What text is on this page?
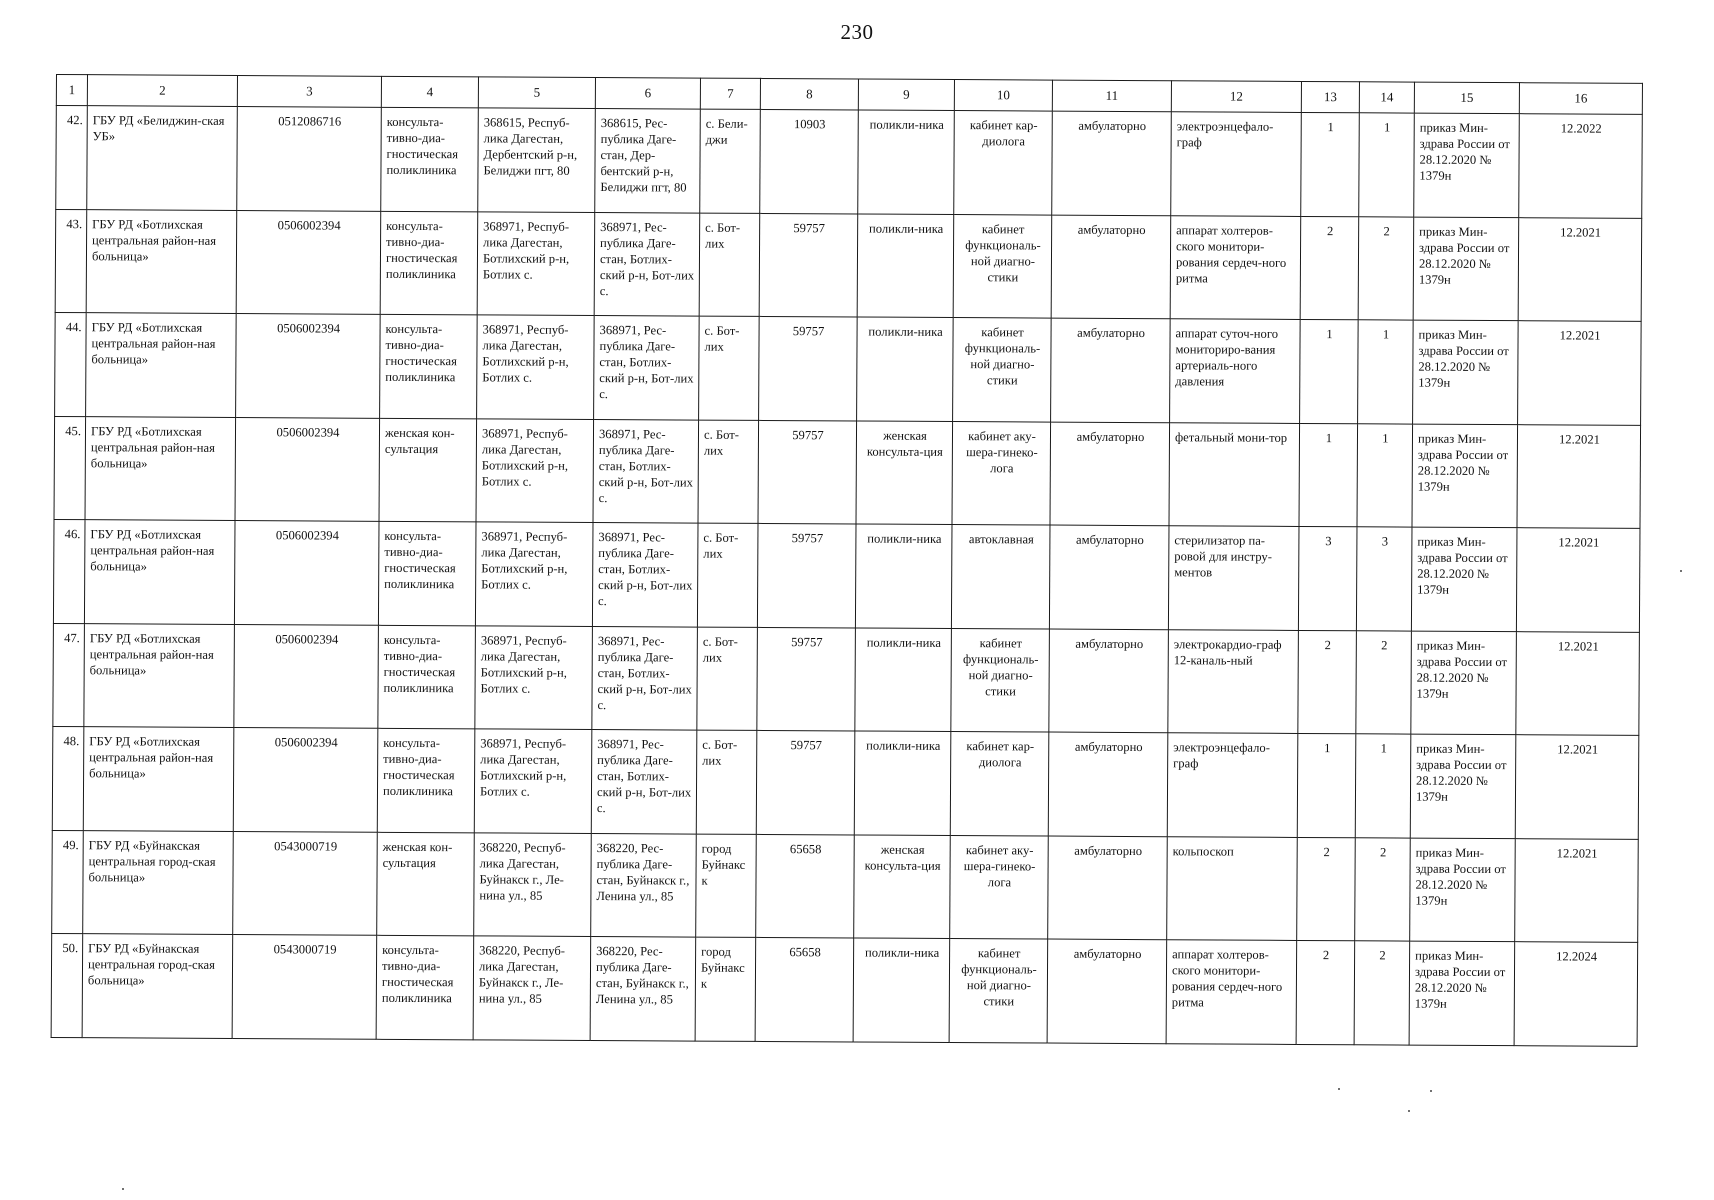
230
1	2	3	4	5	6	7	8	9	10	11	12	13	14	15	16
42.	ГБУ РД «Белиджин-ская УБ»	0512086716	консульта-тивно-диа-гностическая поликлиника	368615, Респуб-лика Дагестан, Дербентский р-н, Белиджи пгт, 80	368615, Рес-публика Даге-стан, Дер-бентский р-н, Белиджи пгт, 80	с. Бели-джи	10903	поликли-ника	кабинет кар-диолога	амбулаторно	электроэнцефало-граф	1	1	приказ Мин-здрава России от 28.12.2020 № 1379н	12.2022
43.	ГБУ РД «Ботлихская центральная район-ная больница»	0506002394	консульта-тивно-диа-гностическая поликлиника	368971, Респуб-лика Дагестан, Ботлихский р-н, Ботлих с.	368971, Рес-публика Даге-стан, Ботлих-ский р-н, Бот-лих с.	с. Бот-лих	59757	поликли-ника	кабинет функциональ-ной диагно-стики	амбулаторно	аппарат холтеров-ского монитори-рования сердеч-ного ритма	2	2	приказ Мин-здрава России от 28.12.2020 № 1379н	12.2021
44.	ГБУ РД «Ботлихская центральная район-ная больница»	0506002394	консульта-тивно-диа-гностическая поликлиника	368971, Респуб-лика Дагестан, Ботлихский р-н, Ботлих с.	368971, Рес-публика Даге-стан, Ботлих-ский р-н, Бот-лих с.	с. Бот-лих	59757	поликли-ника	кабинет функциональ-ной диагно-стики	амбулаторно	аппарат суточ-ного мониториро-вания артериаль-ного давления	1	1	приказ Мин-здрава России от 28.12.2020 № 1379н	12.2021
45.	ГБУ РД «Ботлихская центральная район-ная больница»	0506002394	женская кон-сультация	368971, Респуб-лика Дагестан, Ботлихский р-н, Ботлих с.	368971, Рес-публика Даге-стан, Ботлих-ский р-н, Бот-лих с.	с. Бот-лих	59757	женская консульта-ция	кабинет аку-шера-гинеко-лога	амбулаторно	фетальный мони-тор	1	1	приказ Мин-здрава России от 28.12.2020 № 1379н	12.2021
46.	ГБУ РД «Ботлихская центральная район-ная больница»	0506002394	консульта-тивно-диа-гностическая поликлиника	368971, Респуб-лика Дагестан, Ботлихский р-н, Ботлих с.	368971, Рес-публика Даге-стан, Ботлих-ский р-н, Бот-лих с.	с. Бот-лих	59757	поликли-ника	автоклавная	амбулаторно	стерилизатор па-ровой для инстру-ментов	3	3	приказ Мин-здрава России от 28.12.2020 № 1379н	12.2021
47.	ГБУ РД «Ботлихская центральная район-ная больница»	0506002394	консульта-тивно-диа-гностическая поликлиника	368971, Респуб-лика Дагестан, Ботлихский р-н, Ботлих с.	368971, Рес-публика Даге-стан, Ботлих-ский р-н, Бот-лих с.	с. Бот-лих	59757	поликли-ника	кабинет функциональ-ной диагно-стики	амбулаторно	электрокардио-граф 12-каналь-ный	2	2	приказ Мин-здрава России от 28.12.2020 № 1379н	12.2021
48.	ГБУ РД «Ботлихская центральная район-ная больница»	0506002394	консульта-тивно-диа-гностическая поликлиника	368971, Респуб-лика Дагестан, Ботлихский р-н, Ботлих с.	368971, Рес-публика Даге-стан, Ботлих-ский р-н, Бот-лих с.	с. Бот-лих	59757	поликли-ника	кабинет кар-диолога	амбулаторно	электроэнцефало-граф	1	1	приказ Мин-здрава России от 28.12.2020 № 1379н	12.2021
49.	ГБУ РД «Буйнакская центральная город-ская больница»	0543000719	женская кон-сультация	368220, Респуб-лика Дагестан, Буйнакск г., Ле-нина ул., 85	368220, Рес-публика Даге-стан, Буйнакск г., Ленина ул., 85	город Буйнакс к	65658	женская консульта-ция	кабинет аку-шера-гинеко-лога	амбулаторно	кольпоскоп	2	2	приказ Мин-здрава России от 28.12.2020 № 1379н	12.2021
50.	ГБУ РД «Буйнакская центральная город-ская больница»	0543000719	консульта-тивно-диа-гностическая поликлиника	368220, Респуб-лика Дагестан, Буйнакск г., Ле-нина ул., 85	368220, Рес-публика Даге-стан, Буйнакск г., Ленина ул., 85	город Буйнакс к	65658	поликли-ника	кабинет функциональ-ной диагно-стики	амбулаторно	аппарат холтеров-ского монитори-рования сердеч-ного ритма	2	2	приказ Мин-здрава России от 28.12.2020 № 1379н	12.2024
